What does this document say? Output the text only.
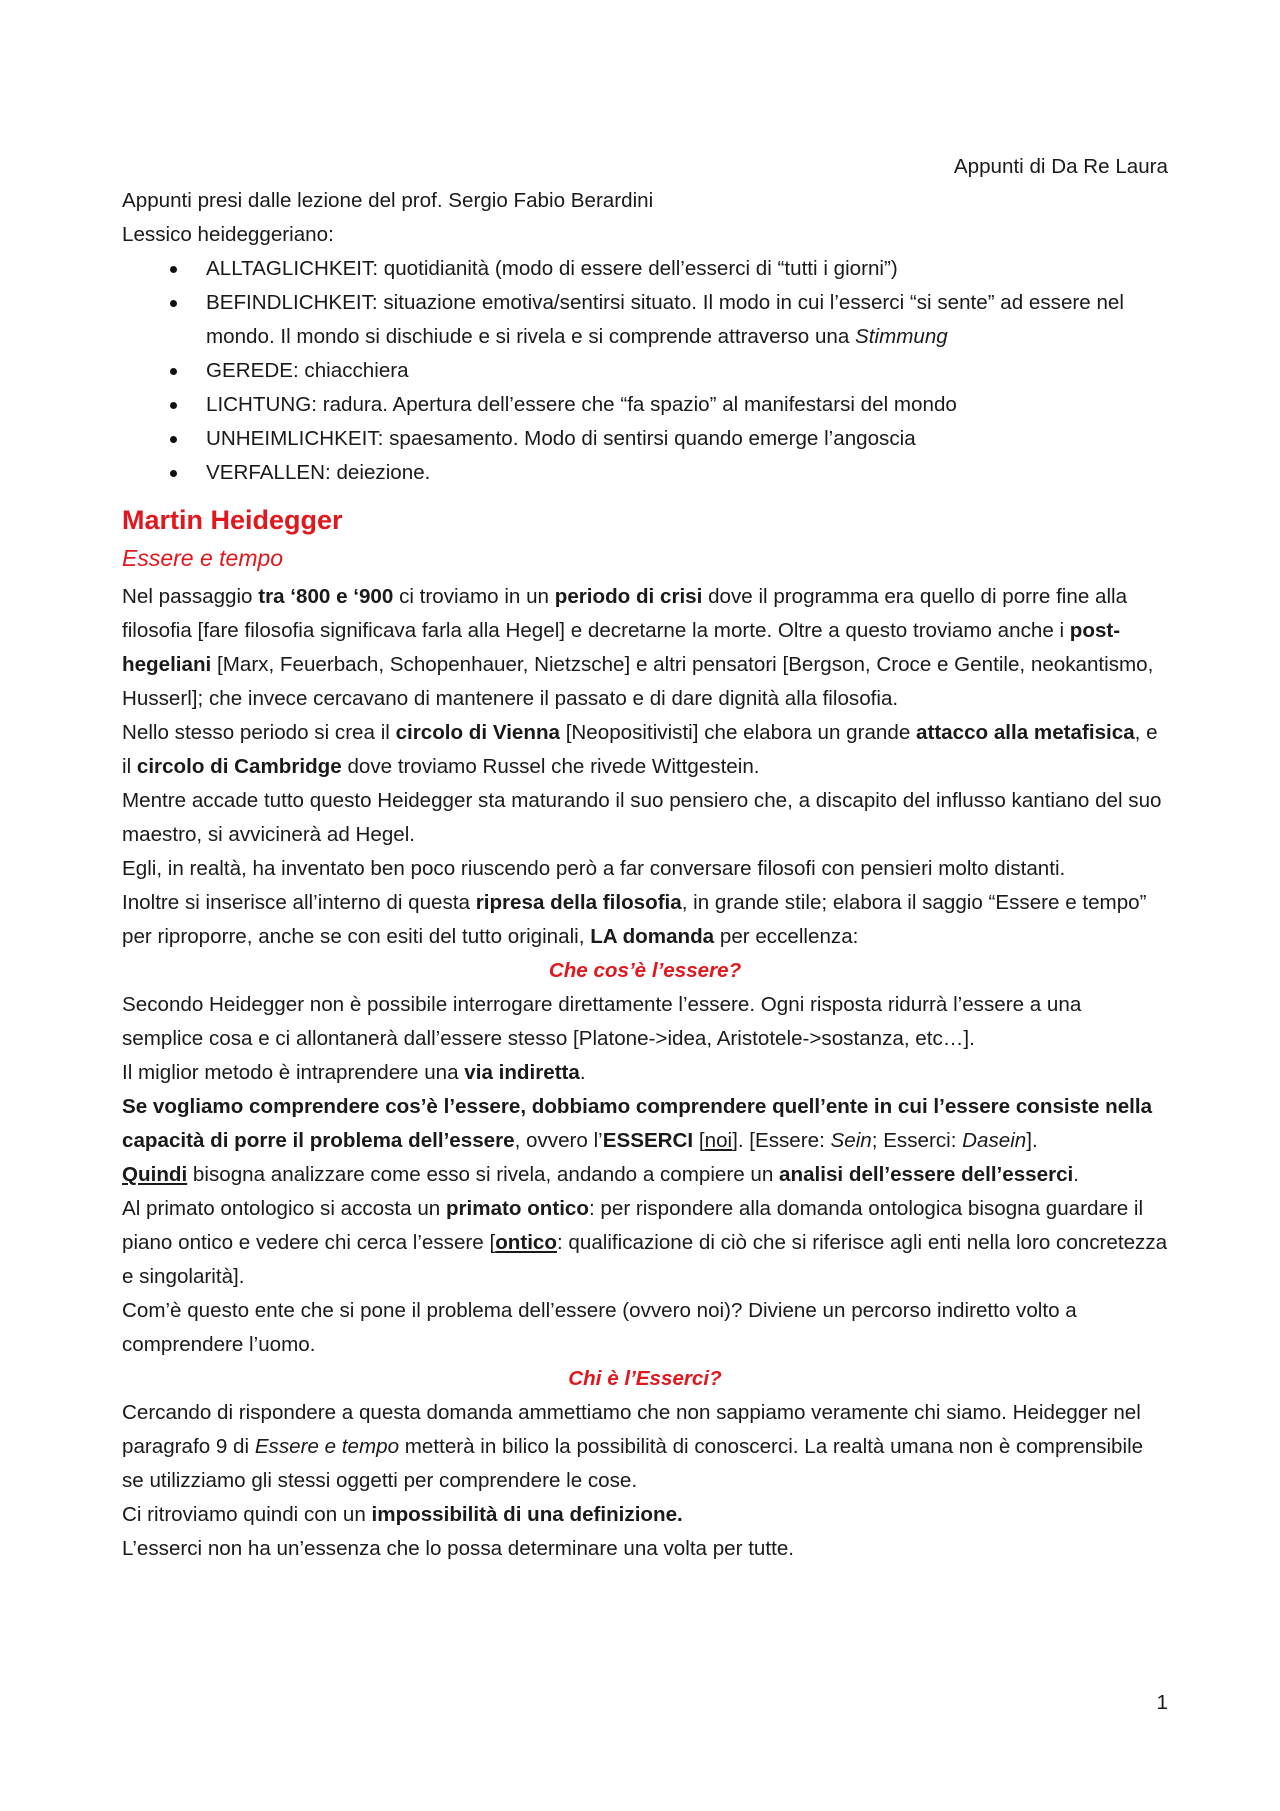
Appunti di Da Re Laura

Appunti presi dalle lezione del prof. Sergio Fabio Berardini

Lessico heideggeriano:

ALLTAGLICHKEIT: quotidianità (modo di essere dell’esserci di “tutti i giorni”)
BEFINDLICHKEIT: situazione emotiva/sentirsi situato. Il modo in cui l’esserci “si sente” ad essere nel mondo. Il mondo si dischiude e si rivela e si comprende attraverso una Stimmung
GEREDE: chiacchiera
LICHTUNG: radura. Apertura dell’essere che “fa spazio” al manifestarsi del mondo
UNHEIMLICHKEIT: spaesamento. Modo di sentirsi quando emerge l’angoscia
VERFALLEN: deiezione.
Martin Heidegger
Essere e tempo

Nel passaggio tra ‘800 e ‘900 ci troviamo in un periodo di crisi dove il programma era quello di porre fine alla filosofia [fare filosofia significava farla alla Hegel] e decretarne la morte. Oltre a questo troviamo anche i post-hegeliani [Marx, Feuerbach, Schopenhauer, Nietzsche] e altri pensatori [Bergson, Croce e Gentile, neokantismo, Husserl]; che invece cercavano di mantenere il passato e di dare dignità alla filosofia.

Nello stesso periodo si crea il circolo di Vienna [Neopositivisti] che elabora un grande attacco alla metafisica, e il circolo di Cambridge dove troviamo Russel che rivede Wittgestein.

Mentre accade tutto questo Heidegger sta maturando il suo pensiero che, a discapito del influsso kantiano del suo maestro, si avvicinerà ad Hegel.
Egli, in realtà, ha inventato ben poco riuscendo però a far conversare filosofi con pensieri molto distanti.
Inoltre si inserisce all’interno di questa ripresa della filosofia, in grande stile; elabora il saggio “Essere e tempo” per riproporre, anche se con esiti del tutto originali, LA domanda per eccellenza:

Che cos’è l’essere?

Secondo Heidegger non è possibile interrogare direttamente l’essere. Ogni risposta ridurrà l’essere a una semplice cosa e ci allontanerà dall’essere stesso [Platone->idea, Aristotele->sostanza, etc…].
Il miglior metodo è intraprendere una via indiretta.
Se vogliamo comprendere cos’è l’essere, dobbiamo comprendere quell’ente in cui l’essere consiste nella capacità di porre il problema dell’essere, ovvero l’ESSERCI [noi]. [Essere: Sein; Esserci: Dasein].
Quindi bisogna analizzare come esso si rivela, andando a compiere un analisi dell’essere dell’esserci.

Al primato ontologico si accosta un primato ontico: per rispondere alla domanda ontologica bisogna guardare il piano ontico e vedere chi cerca l’essere [ontico: qualificazione di ciò che si riferisce agli enti nella loro concretezza e singolarità].

Com’è questo ente che si pone il problema dell’essere (ovvero noi)? Diviene un percorso indiretto volto a comprendere l’uomo.

Chi è l’Esserci?

Cercando di rispondere a questa domanda ammettiamo che non sappiamo veramente chi siamo. Heidegger nel paragrafo 9 di Essere e tempo metterà in bilico la possibilità di conoscerci. La realtà umana non è comprensibile se utilizziamo gli stessi oggetti per comprendere le cose.
Ci ritroviamo quindi con un impossibilità di una definizione.
L’esserci non ha un’essenza che lo possa determinare una volta per tutte.

1
